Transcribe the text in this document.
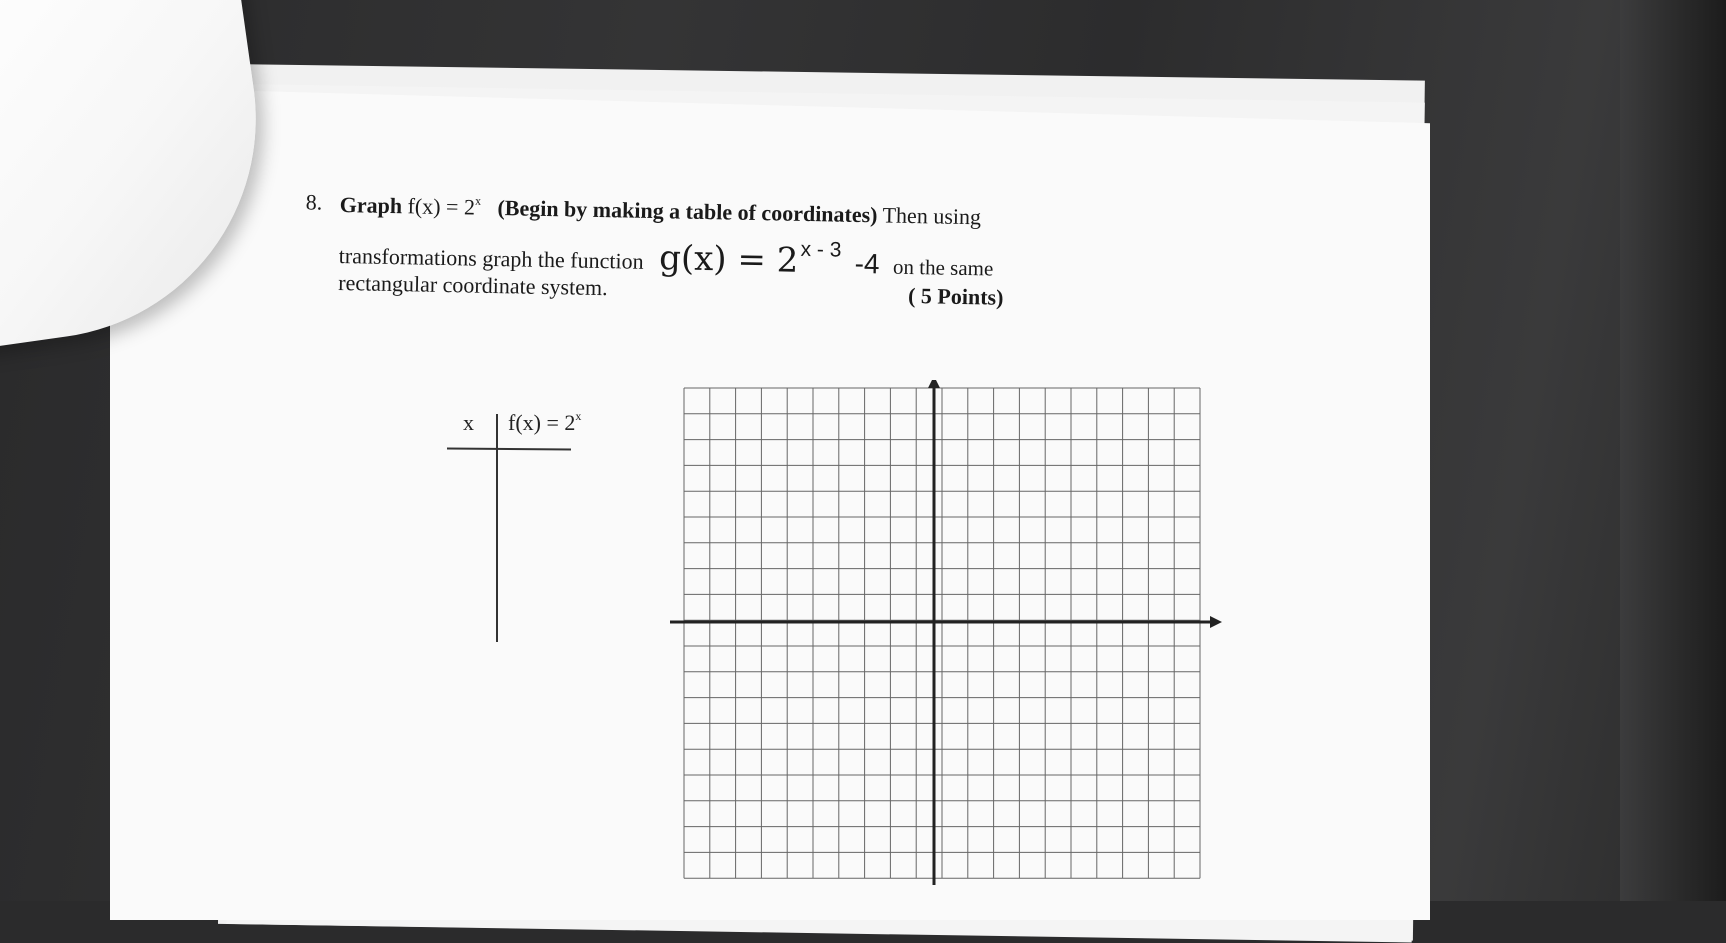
8. Graph $f(x) = 2^x$ (Begin by making a table of coordinates) Then using
transformations graph the function g(x) = 2x - 3 -4 on the same
rectangular coordinate system.	( 5 Points)
x $f(x) = 2^x$
